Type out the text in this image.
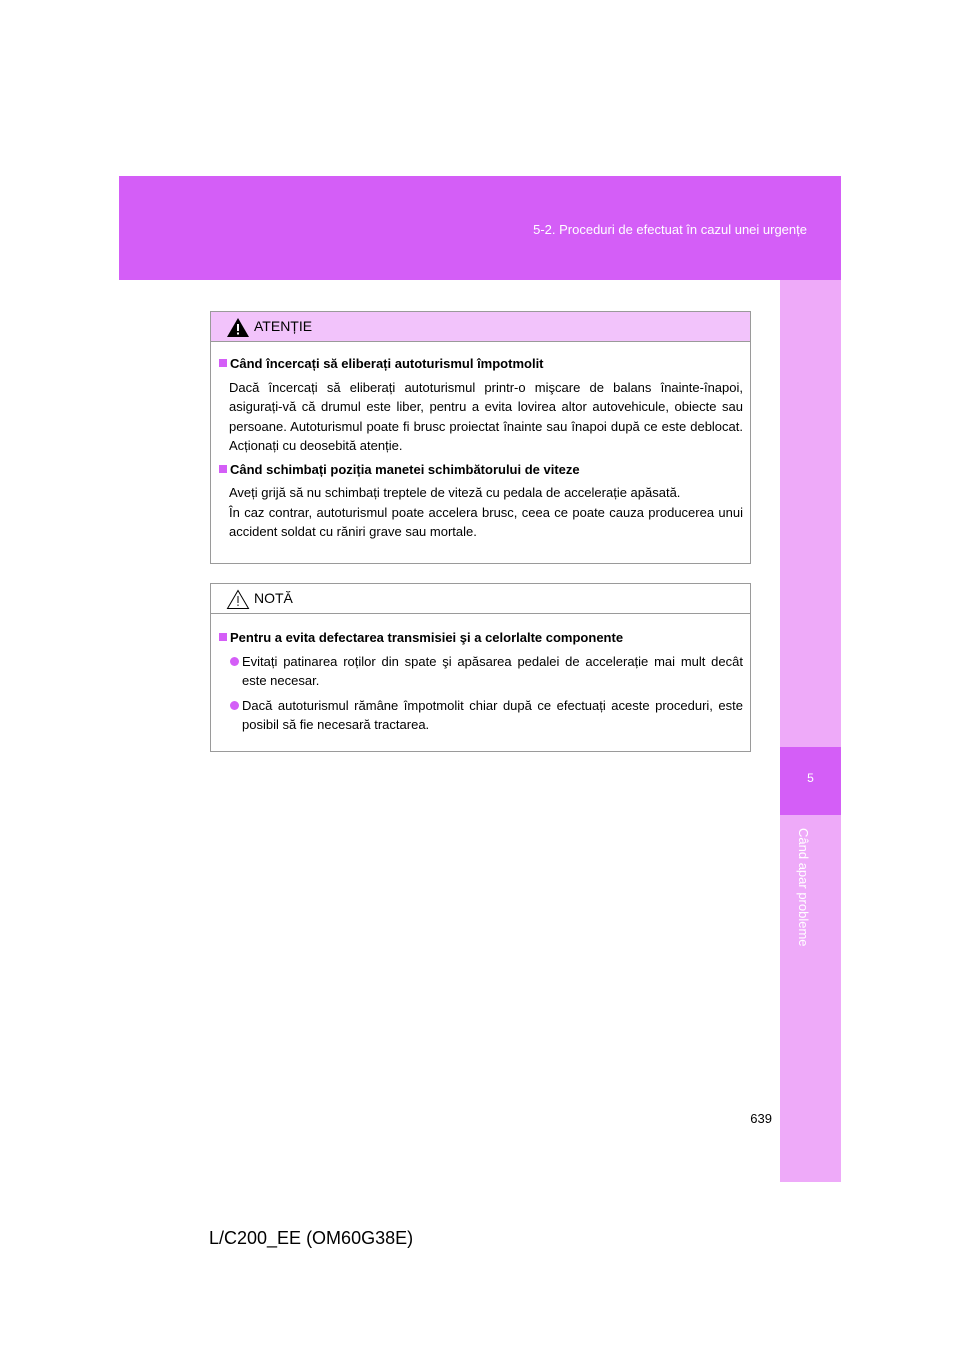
5-2. Proceduri de efectuat în cazul unei urgențe
5
Când apar probleme
ATENȚIE
Când încercați să eliberați autoturismul împotmolit
Dacă încercați să eliberați autoturismul printr-o mişcare de balans înainte-înapoi, asigurați-vă că drumul este liber, pentru a evita lovirea altor autovehicule, obiecte sau persoane. Autoturismul poate fi brusc proiectat înainte sau înapoi după ce este deblocat. Acționați cu deosebită atenție.
Când schimbați poziția manetei schimbătorului de viteze
Aveți grijă să nu schimbați treptele de viteză cu pedala de accelerație apăsată.
În caz contrar, autoturismul poate accelera brusc, ceea ce poate cauza producerea unui accident soldat cu răniri grave sau mortale.
NOTĂ
Pentru a evita defectarea transmisiei şi a celorlalte componente
Evitați patinarea roților din spate şi apăsarea pedalei de accelerație mai mult decât este necesar.
Dacă autoturismul rămâne împotmolit chiar după ce efectuați aceste proceduri, este posibil să fie necesară tractarea.
639
L/C200_EE (OM60G38E)
